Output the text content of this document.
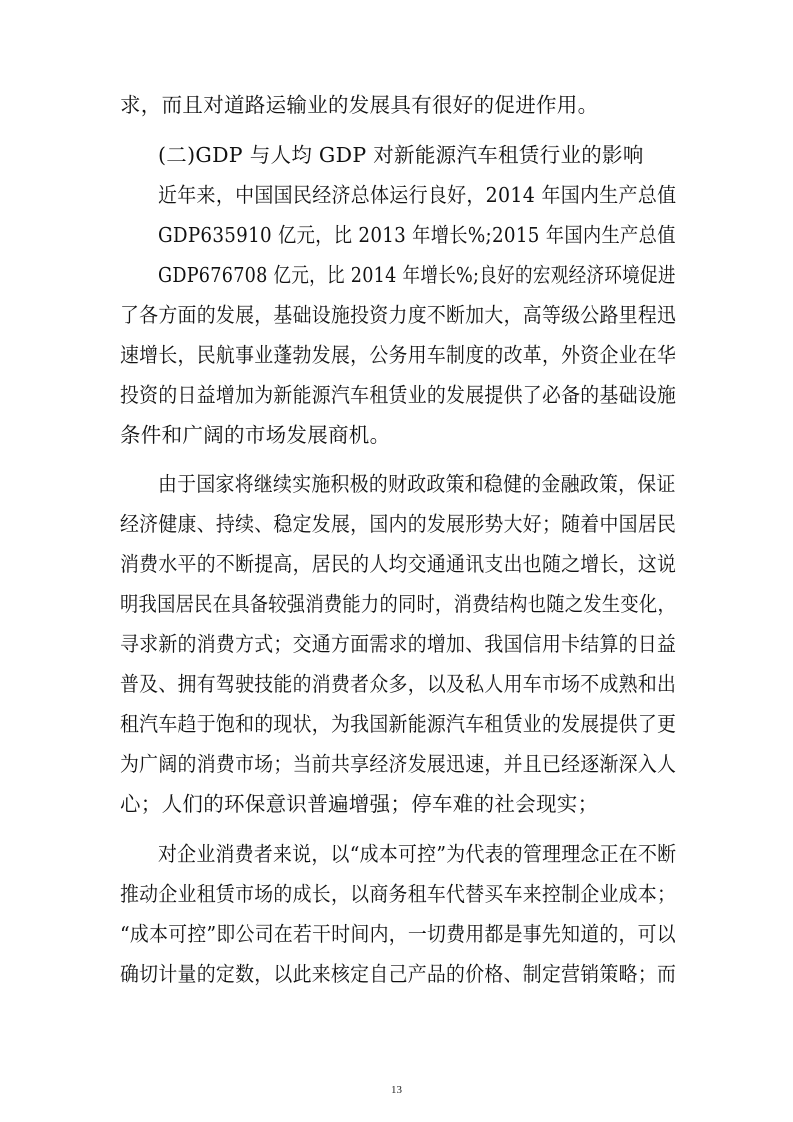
求，而且对道路运输业的发展具有很好的促进作用。
(二)GDP 与人均 GDP 对新能源汽车租赁行业的影响
近年来，中国国民经济总体运行良好，2014 年国内生产总值
GDP635910 亿元，比 2013 年增长%;2015 年国内生产总值
GDP676708 亿元，比 2014 年增长%;良好的宏观经济环境促进
了各方面的发展，基础设施投资力度不断加大，高等级公路里程迅
速增长，民航事业蓬勃发展，公务用车制度的改革，外资企业在华
投资的日益增加为新能源汽车租赁业的发展提供了必备的基础设施
条件和广阔的市场发展商机。
由于国家将继续实施积极的财政政策和稳健的金融政策，保证
经济健康、持续、稳定发展，国内的发展形势大好；随着中国居民
消费水平的不断提高，居民的人均交通通讯支出也随之增长，这说
明我国居民在具备较强消费能力的同时，消费结构也随之发生变化，
寻求新的消费方式；交通方面需求的增加、我国信用卡结算的日益
普及、拥有驾驶技能的消费者众多，以及私人用车市场不成熟和出
租汽车趋于饱和的现状，为我国新能源汽车租赁业的发展提供了更
为广阔的消费市场；当前共享经济发展迅速，并且已经逐渐深入人
心；人们的环保意识普遍增强；停车难的社会现实；
对企业消费者来说，以“成本可控”为代表的管理理念正在不断
推动企业租赁市场的成长，以商务租车代替买车来控制企业成本；
“成本可控”即公司在若干时间内，一切费用都是事先知道的，可以
确切计量的定数，以此来核定自己产品的价格、制定营销策略；而
13
